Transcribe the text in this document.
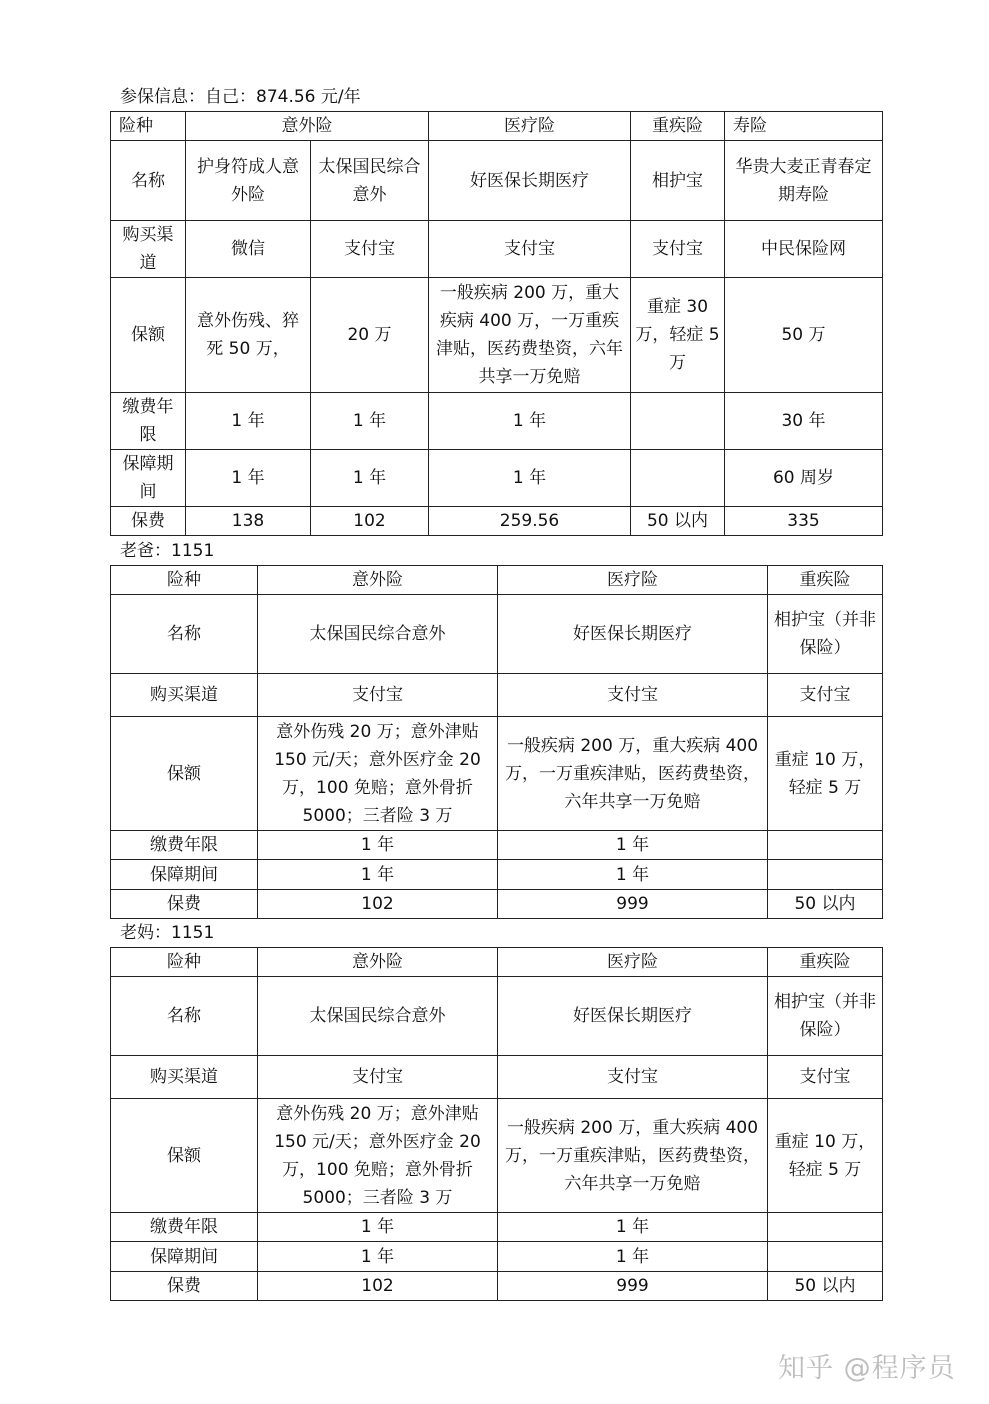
参保信息：自己：874.56 元/年
险种	意外险		医疗险	重疾险	寿险
名称	护身符成人意外险	太保国民综合意外	好医保长期医疗	相护宝	华贵大麦正青春定期寿险
购买渠道	微信	支付宝	支付宝	支付宝	中民保险网
保额	意外伤残、猝死 50 万，	20 万	一般疾病 200 万，重大疾病 400 万，一万重疾津贴，医药费垫资，六年共享一万免赔	重症 30 万，轻症 5 万	50 万
缴费年限	1 年	1 年	1 年		30 年
保障期间	1 年	1 年	1 年		60 周岁
保费	138	102	259.56	50 以内	335
老爸：1151
险种	意外险	医疗险	重疾险
名称	太保国民综合意外	好医保长期医疗	相护宝（并非保险）
购买渠道	支付宝	支付宝	支付宝
保额	意外伤残 20 万；意外津贴 150 元/天；意外医疗金 20 万，100 免赔；意外骨折 5000；三者险 3 万	一般疾病 200 万，重大疾病 400 万，一万重疾津贴，医药费垫资，六年共享一万免赔	重症 10 万，轻症 5 万
缴费年限	1 年	1 年	
保障期间	1 年	1 年	
保费	102	999	50 以内
老妈：1151
险种	意外险	医疗险	重疾险
名称	太保国民综合意外	好医保长期医疗	相护宝（并非保险）
购买渠道	支付宝	支付宝	支付宝
保额	意外伤残 20 万；意外津贴 150 元/天；意外医疗金 20 万，100 免赔；意外骨折 5000；三者险 3 万	一般疾病 200 万，重大疾病 400 万，一万重疾津贴，医药费垫资，六年共享一万免赔	重症 10 万，轻症 5 万
缴费年限	1 年	1 年	
保障期间	1 年	1 年	
保费	102	999	50 以内
知乎 @程序员
